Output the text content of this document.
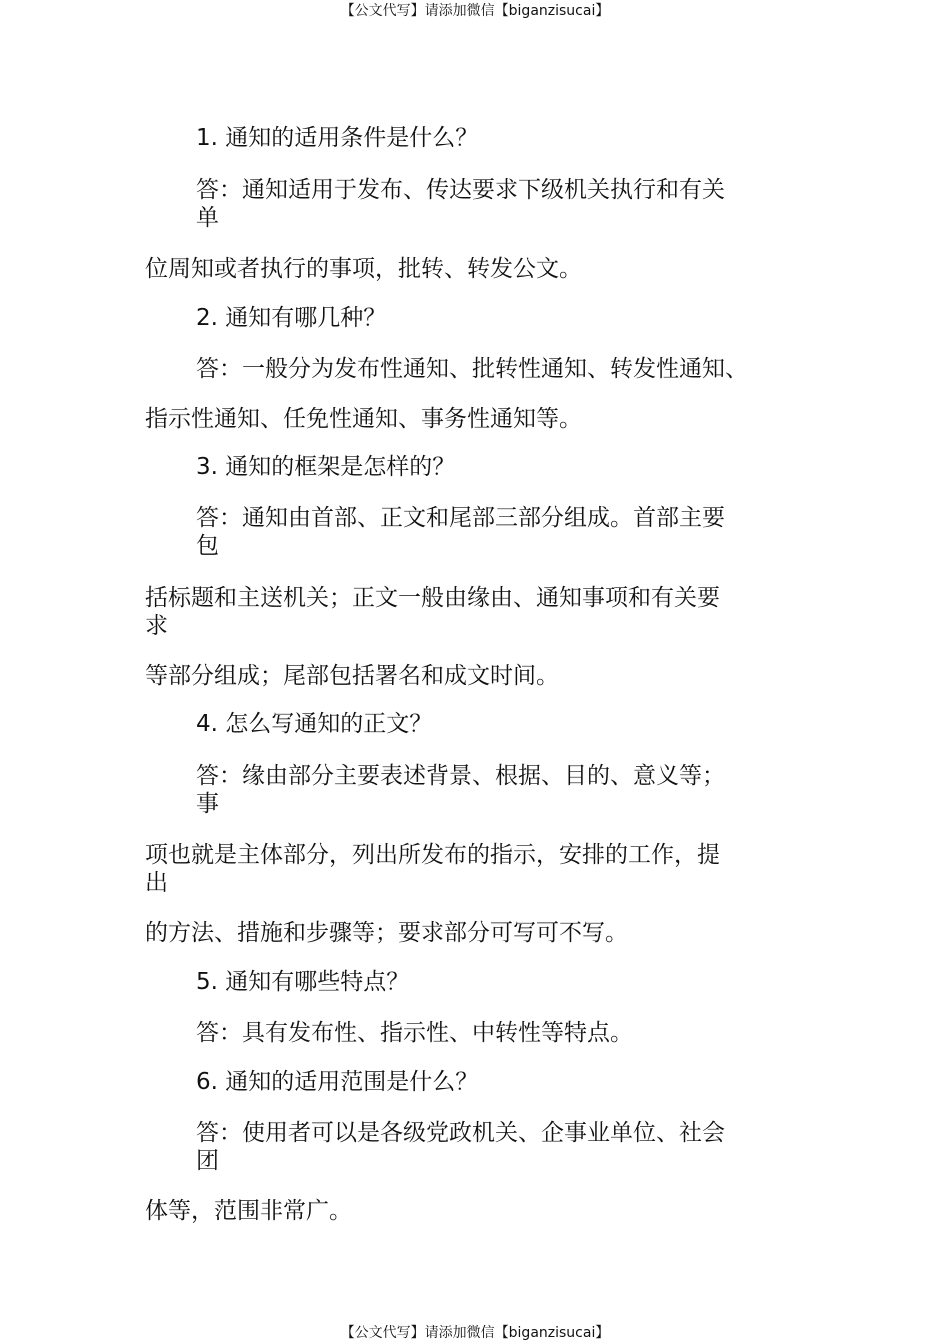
【公文代写】请添加微信【biganzisucai】
1. 通知的适用条件是什么？
答：通知适用于发布、传达要求下级机关执行和有关
单
位周知或者执行的事项，批转、转发公文。
2. 通知有哪几种？
答：一般分为发布性通知、批转性通知、转发性通知、
指示性通知、任免性通知、事务性通知等。
3. 通知的框架是怎样的？
答：通知由首部、正文和尾部三部分组成。首部主要
包
括标题和主送机关；正文一般由缘由、通知事项和有关要
求
等部分组成；尾部包括署名和成文时间。
4. 怎么写通知的正文？
答：缘由部分主要表述背景、根据、目的、意义等；
事
项也就是主体部分，列出所发布的指示，安排的工作，提
出
的方法、措施和步骤等；要求部分可写可不写。
5. 通知有哪些特点？
答：具有发布性、指示性、中转性等特点。
6. 通知的适用范围是什么？
答：使用者可以是各级党政机关、企事业单位、社会
团
体等，范围非常广。
【公文代写】请添加微信【biganzisucai】
